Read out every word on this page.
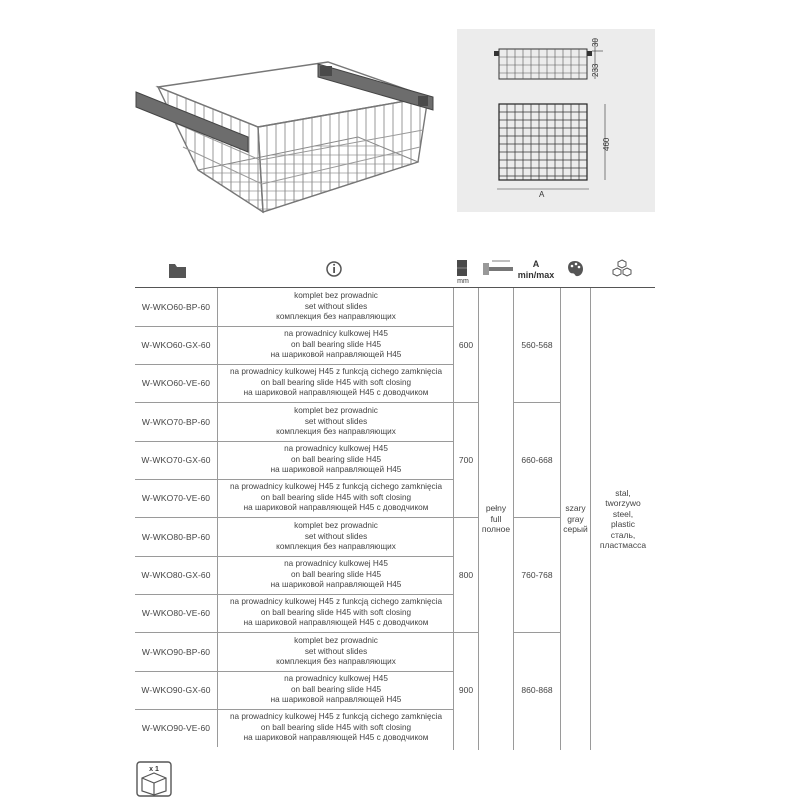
30
233
460
A
mm
A
min/max
W-WKO60-BP-60
komplet bez prowadnic
set without slides
комплекция без направляющих
W-WKO60-GX-60
na prowadnicy kulkowej H45
on ball bearing slide H45
на шариковой направляющей H45
W-WKO60-VE-60
na prowadnicy kulkowej H45 z funkcją cichego zamknięcia
on ball bearing slide H45 with soft closing
на шариковой направляющей H45 с доводчиком
W-WKO70-BP-60
komplet bez prowadnic
set without slides
комплекция без направляющих
W-WKO70-GX-60
na prowadnicy kulkowej H45
on ball bearing slide H45
на шариковой направляющей H45
W-WKO70-VE-60
na prowadnicy kulkowej H45 z funkcją cichego zamknięcia
on ball bearing slide H45 with soft closing
на шариковой направляющей H45 с доводчиком
W-WKO80-BP-60
komplet bez prowadnic
set without slides
комплекция без направляющих
W-WKO80-GX-60
na prowadnicy kulkowej H45
on ball bearing slide H45
на шариковой направляющей H45
W-WKO80-VE-60
na prowadnicy kulkowej H45 z funkcją cichego zamknięcia
on ball bearing slide H45 with soft closing
на шариковой направляющей H45 с доводчиком
W-WKO90-BP-60
komplet bez prowadnic
set without slides
комплекция без направляющих
W-WKO90-GX-60
na prowadnicy kulkowej H45
on ball bearing slide H45
на шариковой направляющей H45
W-WKO90-VE-60
na prowadnicy kulkowej H45 z funkcją cichego zamknięcia
on ball bearing slide H45 with soft closing
на шариковой направляющей H45 с доводчиком
600
700
800
900
560-568
660-668
760-768
860-868
pełny
full
полное
szary
gray
серый
stal,
tworzywo
steel,
plastic
сталь,
пластмасса
x 1
